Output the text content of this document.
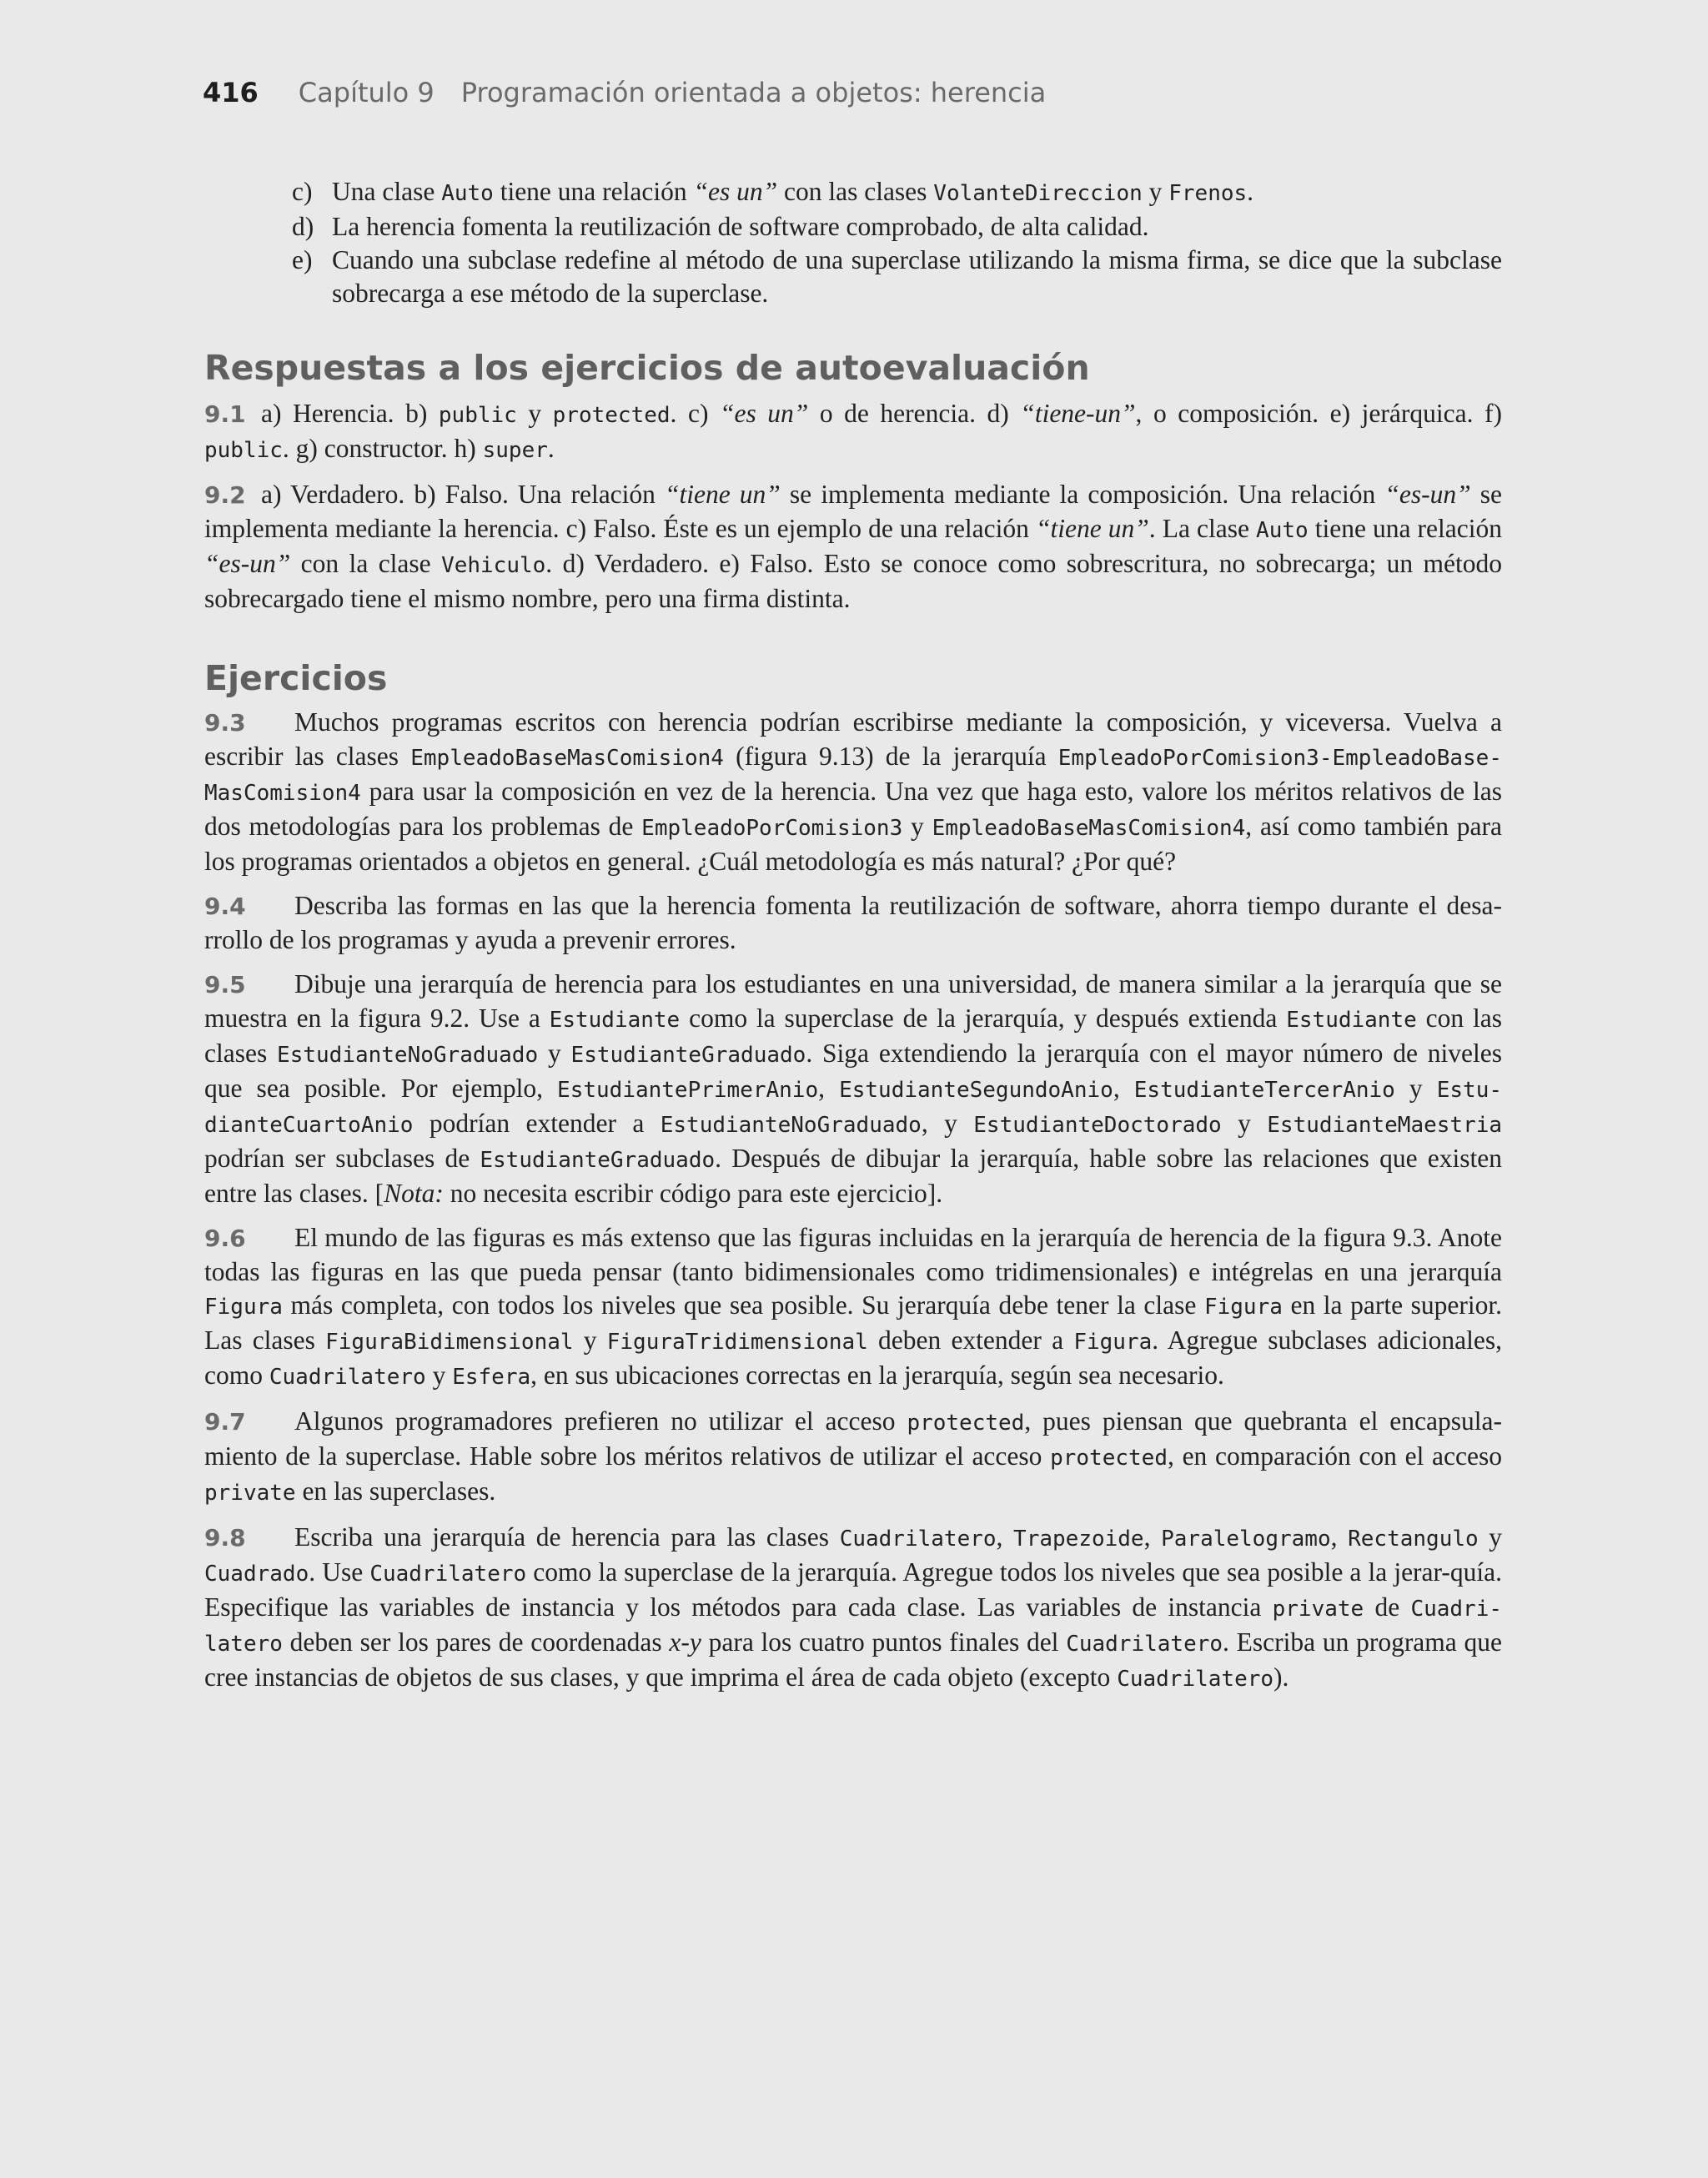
416 Capítulo 9 Programación orientada a objetos: herencia
c) Una clase Auto tiene una relación “es un” con las clases VolanteDireccion y Frenos.
d) La herencia fomenta la reutilización de software comprobado, de alta calidad.
e) Cuando una subclase redefine al método de una superclase utilizando la misma firma, se dice que la subclase sobrecarga a ese método de la superclase.
Respuestas a los ejercicios de autoevaluación
9.1 a) Herencia. b) public y protected. c) “es un” o de herencia. d) “tiene-un”, o composición. e) jerárquica. f) public. g) constructor. h) super.
9.2 a) Verdadero. b) Falso. Una relación “tiene un” se implementa mediante la composición. Una relación “es-un” se implementa mediante la herencia. c) Falso. Éste es un ejemplo de una relación “tiene un”. La clase Auto tiene una relación “es-un” con la clase Vehiculo. d) Verdadero. e) Falso. Esto se conoce como sobrescritura, no sobrecarga; un método sobrecargado tiene el mismo nombre, pero una firma distinta.
Ejercicios
9.3 Muchos programas escritos con herencia podrían escribirse mediante la composición, y viceversa. Vuelva a escribir las clases EmpleadoBaseMasComision4 (figura 9.13) de la jerarquía EmpleadoPorComision3-EmpleadoBase-MasComision4 para usar la composición en vez de la herencia. Una vez que haga esto, valore los méritos relativos de las dos metodologías para los problemas de EmpleadoPorComision3 y EmpleadoBaseMasComision4, así como también para los programas orientados a objetos en general. ¿Cuál metodología es más natural? ¿Por qué?
9.4 Describa las formas en las que la herencia fomenta la reutilización de software, ahorra tiempo durante el desa-rrollo de los programas y ayuda a prevenir errores.
9.5 Dibuje una jerarquía de herencia para los estudiantes en una universidad, de manera similar a la jerarquía que se muestra en la figura 9.2. Use a Estudiante como la superclase de la jerarquía, y después extienda Estudiante con las clases EstudianteNoGraduado y EstudianteGraduado. Siga extendiendo la jerarquía con el mayor número de niveles que sea posible. Por ejemplo, EstudiantePrimerAnio, EstudianteSegundoAnio, EstudianteTercerAnio y Estu-dianteCuartoAnio podrían extender a EstudianteNoGraduado, y EstudianteDoctorado y EstudianteMaestria podrían ser subclases de EstudianteGraduado. Después de dibujar la jerarquía, hable sobre las relaciones que existen entre las clases. [Nota: no necesita escribir código para este ejercicio].
9.6 El mundo de las figuras es más extenso que las figuras incluidas en la jerarquía de herencia de la figura 9.3. Anote todas las figuras en las que pueda pensar (tanto bidimensionales como tridimensionales) e intégrelas en una jerarquía Figura más completa, con todos los niveles que sea posible. Su jerarquía debe tener la clase Figura en la parte superior. Las clases FiguraBidimensional y FiguraTridimensional deben extender a Figura. Agregue subclases adicionales, como Cuadrilatero y Esfera, en sus ubicaciones correctas en la jerarquía, según sea necesario.
9.7 Algunos programadores prefieren no utilizar el acceso protected, pues piensan que quebranta el encapsula-miento de la superclase. Hable sobre los méritos relativos de utilizar el acceso protected, en comparación con el acceso private en las superclases.
9.8 Escriba una jerarquía de herencia para las clases Cuadrilatero, Trapezoide, Paralelogramo, Rectangulo y Cuadrado. Use Cuadrilatero como la superclase de la jerarquía. Agregue todos los niveles que sea posible a la jerar-quía. Especifique las variables de instancia y los métodos para cada clase. Las variables de instancia private de Cuadri-latero deben ser los pares de coordenadas x-y para los cuatro puntos finales del Cuadrilatero. Escriba un programa que cree instancias de objetos de sus clases, y que imprima el área de cada objeto (excepto Cuadrilatero).
